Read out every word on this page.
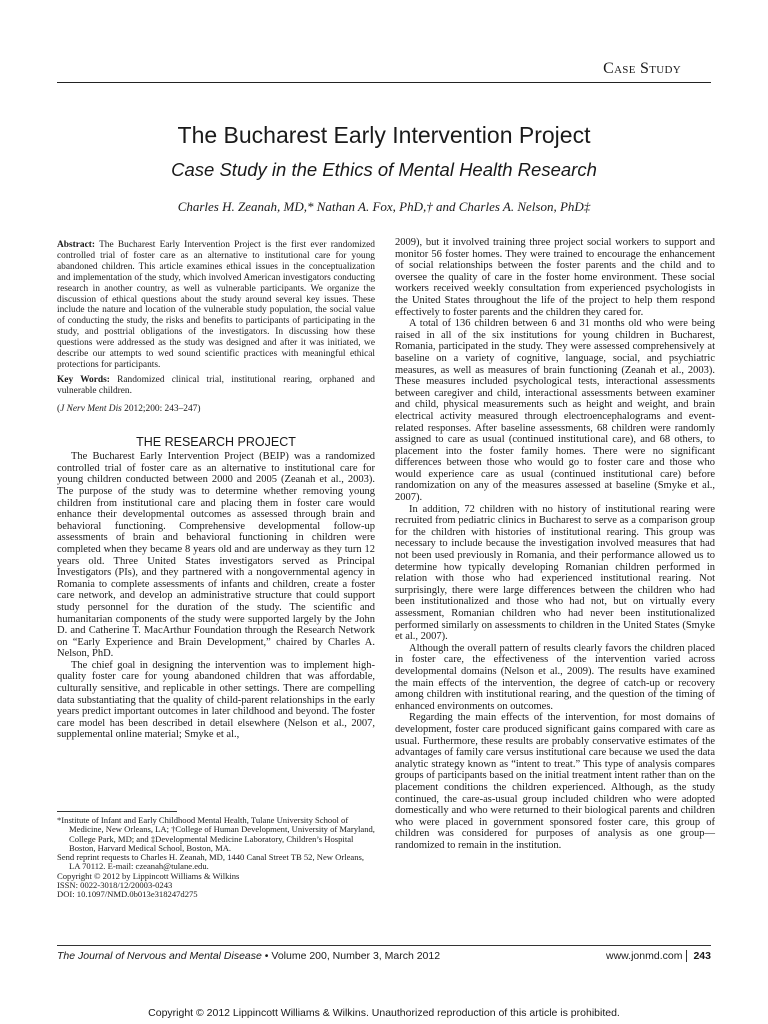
Case Study
The Bucharest Early Intervention Project
Case Study in the Ethics of Mental Health Research
Charles H. Zeanah, MD,* Nathan A. Fox, PhD,† and Charles A. Nelson, PhD‡

Abstract: The Bucharest Early Intervention Project is the first ever randomized controlled trial of foster care as an alternative to institutional care for young abandoned children. This article examines ethical issues in the conceptualization and implementation of the study, which involved American investigators conducting research in another country, as well as vulnerable participants. We organize the discussion of ethical questions about the study around several key issues. These include the nature and location of the vulnerable study population, the social value of conducting the study, the risks and benefits to participants of participating in the study, and posttrial obligations of the investigators. In discussing how these questions were addressed as the study was designed and after it was initiated, we describe our attempts to wed sound scientific practices with meaningful ethical protections for participants.

Key Words: Randomized clinical trial, institutional rearing, orphaned and vulnerable children.

(J Nerv Ment Dis 2012;200: 243–247)

THE RESEARCH PROJECT

The Bucharest Early Intervention Project (BEIP) was a randomized controlled trial of foster care as an alternative to institutional care for young children conducted between 2000 and 2005 (Zeanah et al., 2003). The purpose of the study was to determine whether removing young children from institutional care and placing them in foster care would enhance their developmental outcomes as assessed through brain and behavioral functioning. Comprehensive developmental follow-up assessments of brain and behavioral functioning in children were completed when they became 8 years old and are underway as they turn 12 years old. Three United States investigators served as Principal Investigators (PIs), and they partnered with a nongovernmental agency in Romania to complete assessments of infants and children, create a foster care network, and develop an administrative structure that could support study personnel for the duration of the study. The scientific and humanitarian components of the study were supported largely by the John D. and Catherine T. MacArthur Foundation through the Research Network on “Early Experience and Brain Development,” chaired by Charles A. Nelson, PhD.

The chief goal in designing the intervention was to implement high-quality foster care for young abandoned children that was affordable, culturally sensitive, and replicable in other settings. There are compelling data substantiating that the quality of child-parent relationships in the early years predict important outcomes in later childhood and beyond. The foster care model has been described in detail elsewhere (Nelson et al., 2007, supplemental online material; Smyke et al.,

2009), but it involved training three project social workers to support and monitor 56 foster homes. They were trained to encourage the enhancement of social relationships between the foster parents and the child and to oversee the quality of care in the foster home environment. These social workers received weekly consultation from experienced psychologists in the United States throughout the life of the project to help them respond effectively to foster parents and the children they cared for.

A total of 136 children between 6 and 31 months old who were being raised in all of the six institutions for young children in Bucharest, Romania, participated in the study. They were assessed comprehensively at baseline on a variety of cognitive, language, social, and psychiatric measures, as well as measures of brain functioning (Zeanah et al., 2003). These measures included psychological tests, interactional assessments between caregiver and child, interactional assessments between examiner and child, physical measurements such as height and weight, and brain electrical activity measured through electroencephalograms and event-related responses. After baseline assessments, 68 children were randomly assigned to care as usual (continued institutional care), and 68 others, to placement into the foster family homes. There were no significant differences between those who would go to foster care and those who would experience care as usual (continued institutional care) before randomization on any of the measures assessed at baseline (Smyke et al., 2007).

In addition, 72 children with no history of institutional rearing were recruited from pediatric clinics in Bucharest to serve as a comparison group for the children with histories of institutional rearing. This group was necessary to include because the investigation involved measures that had not been used previously in Romania, and their performance allowed us to determine how typically developing Romanian children performed in relation with those who had experienced institutional rearing. Not surprisingly, there were large differences between the children who had been institutionalized and those who had not, but on virtually every assessment, Romanian children who had never been institutionalized performed similarly on assessments to children in the United States (Smyke et al., 2007).

Although the overall pattern of results clearly favors the children placed in foster care, the effectiveness of the intervention varied across developmental domains (Nelson et al., 2009). The results have examined the main effects of the intervention, the degree of catch-up or recovery among children with institutional rearing, and the question of the timing of enhanced environments on outcomes.

Regarding the main effects of the intervention, for most domains of development, foster care produced significant gains compared with care as usual. Furthermore, these results are probably conservative estimates of the advantages of family care versus institutional care because we used the data analytic strategy known as “intent to treat.” This type of analysis compares groups of participants based on the initial treatment intent rather than on the placement conditions the children experienced. Although, as the study continued, the care-as-usual group included children who were adopted domestically and who were returned to their biological parents and children who were placed in government sponsored foster care, this group of children was considered for purposes of analysis as one group—randomized to remain in the institution.

*Institute of Infant and Early Childhood Mental Health, Tulane University School of Medicine, New Orleans, LA; †College of Human Development, University of Maryland, College Park, MD; and ‡Developmental Medicine Laboratory, Children’s Hospital Boston, Harvard Medical School, Boston, MA.

Send reprint requests to Charles H. Zeanah, MD, 1440 Canal Street TB 52, New Orleans, LA 70112. E-mail: czeanah@tulane.edu.

Copyright © 2012 by Lippincott Williams & Wilkins

ISSN: 0022-3018/12/20003-0243

DOI: 10.1097/NMD.0b013e318247d275

The Journal of Nervous and Mental Disease • Volume 200, Number 3, March 2012	www.jonmd.com 243
Copyright © 2012 Lippincott Williams & Wilkins. Unauthorized reproduction of this article is prohibited.
